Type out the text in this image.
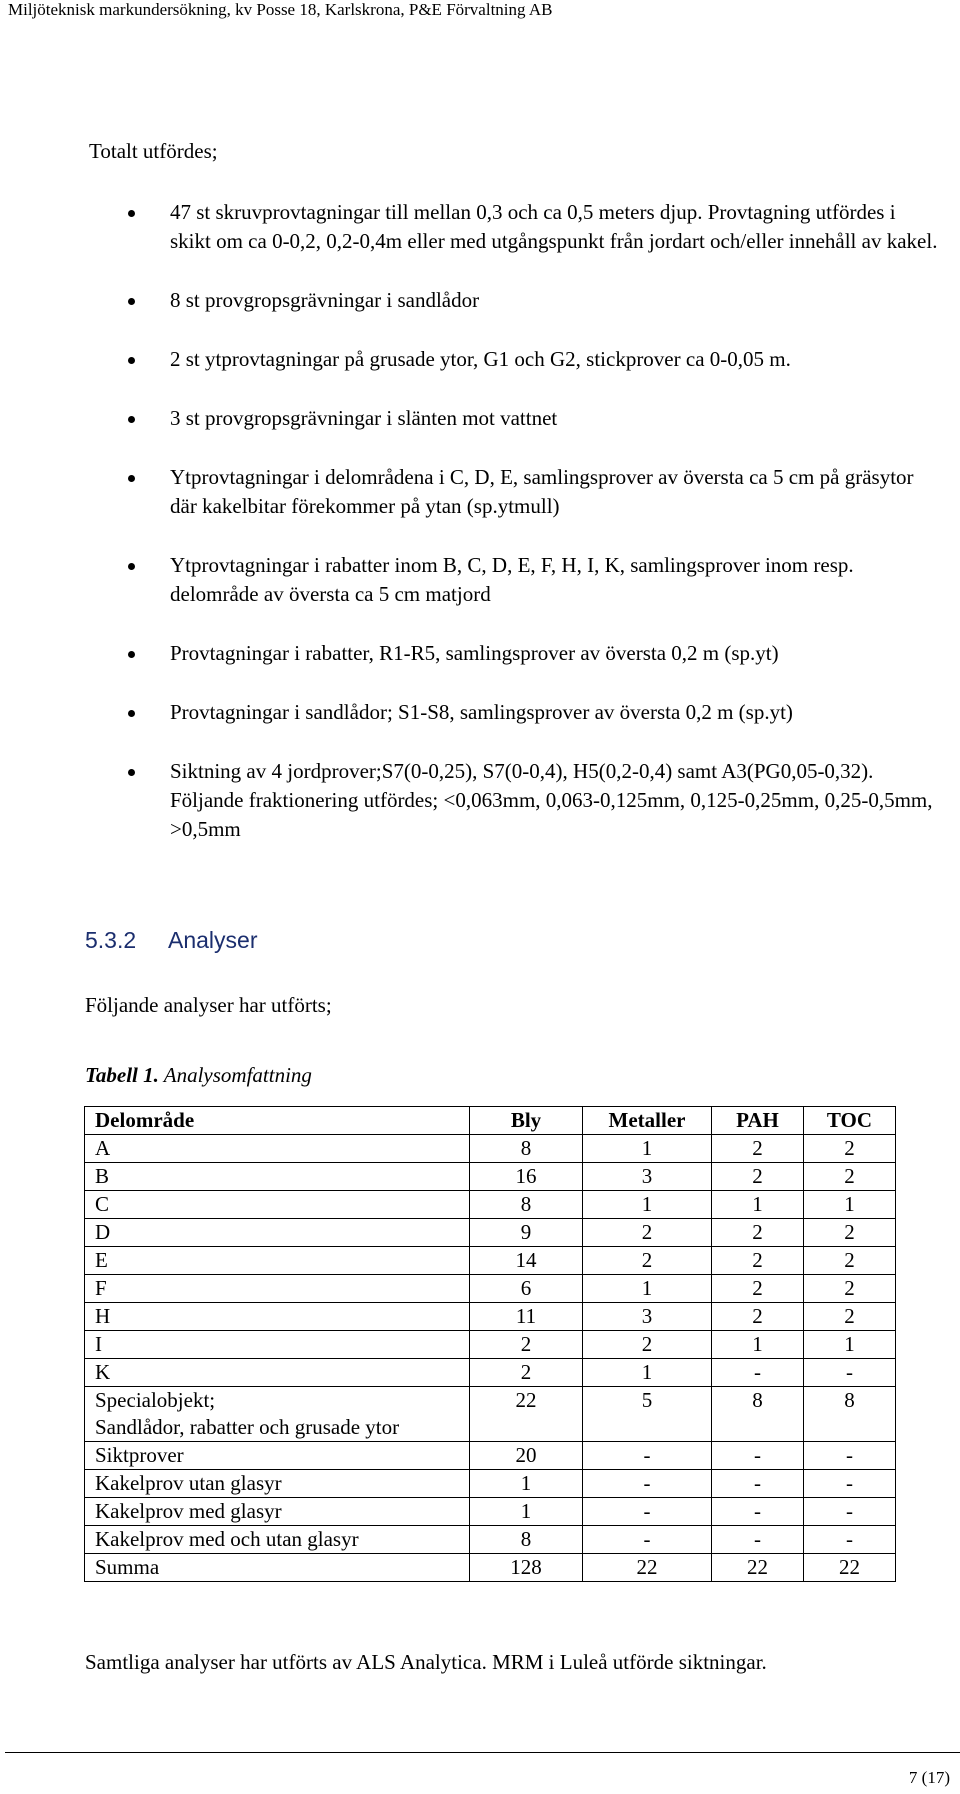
Miljöteknisk markundersökning, kv Posse 18, Karlskrona, P&E Förvaltning AB
Totalt utfördes;
47 st skruvprovtagningar till mellan 0,3 och ca 0,5 meters djup. Provtagning utfördes i skikt om ca 0-0,2, 0,2-0,4m eller med utgångspunkt från jordart och/eller innehåll av kakel.
8 st provgropsgrävningar i sandlådor
2 st ytprovtagningar på grusade ytor, G1 och G2, stickprover ca 0-0,05 m.
3 st provgropsgrävningar i slänten mot vattnet
Ytprovtagningar i delområdena i C, D, E, samlingsprover av översta ca 5 cm på gräsytor där kakelbitar förekommer på ytan (sp.ytmull)
Ytprovtagningar i rabatter inom B, C, D, E, F, H, I, K, samlingsprover inom resp. delområde av översta ca 5 cm matjord
Provtagningar i rabatter, R1-R5, samlingsprover av översta 0,2 m (sp.yt)
Provtagningar i sandlådor; S1-S8, samlingsprover av översta 0,2 m (sp.yt)
Siktning av 4 jordprover;S7(0-0,25), S7(0-0,4), H5(0,2-0,4) samt A3(PG0,05-0,32). Följande fraktionering utfördes; <0,063mm, 0,063-0,125mm, 0,125-0,25mm, 0,25-0,5mm, >0,5mm
5.3.2 Analyser
Följande analyser har utförts;
Tabell 1. Analysomfattning
Delområde	Bly	Metaller	PAH	TOC
A	8	1	2	2
B	16	3	2	2
C	8	1	1	1
D	9	2	2	2
E	14	2	2	2
F	6	1	2	2
H	11	3	2	2
I	2	2	1	1
K	2	1	-	-
Specialobjekt;
Sandlådor, rabatter och grusade ytor	22	5	8	8
Siktprover	20	-	-	-
Kakelprov utan glasyr	1	-	-	-
Kakelprov med glasyr	1	-	-	-
Kakelprov med och utan glasyr	8	-	-	-
Summa	128	22	22	22
Samtliga analyser har utförts av ALS Analytica. MRM i Luleå utförde siktningar.
7 (17)
